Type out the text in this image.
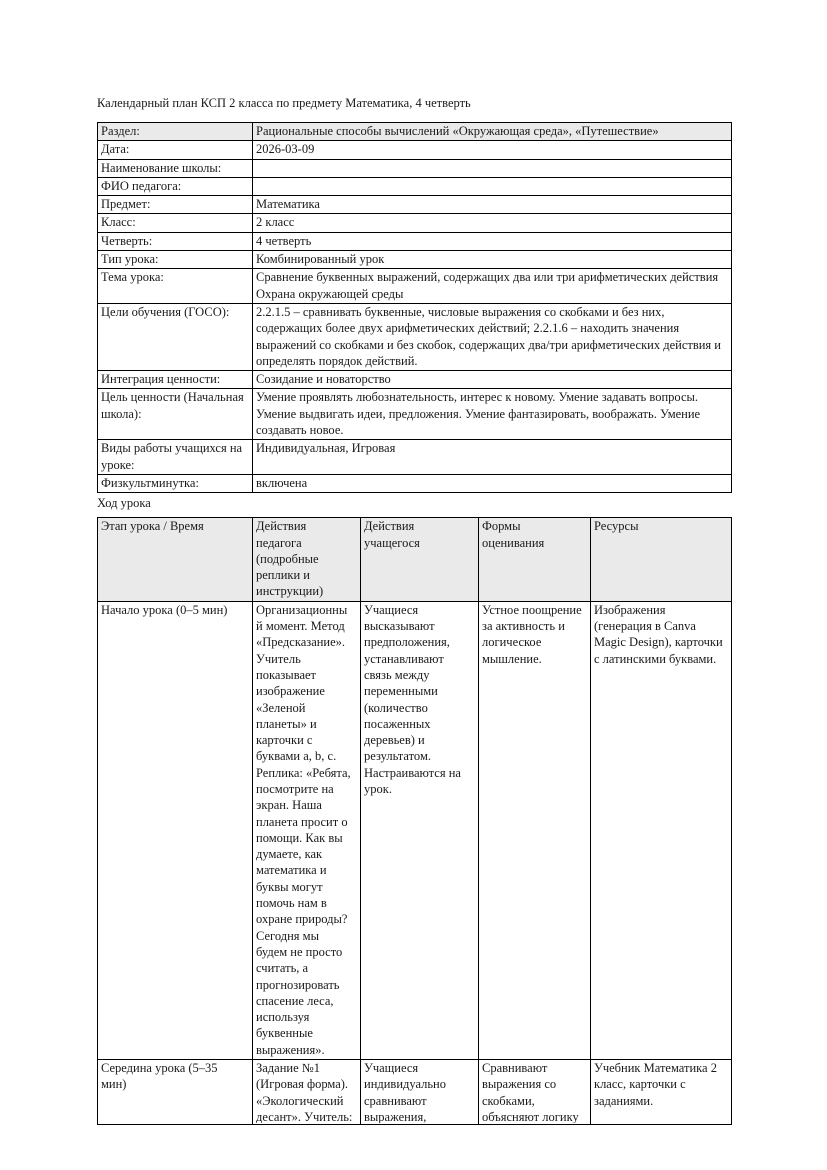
Календарный план КСП 2 класса по предмету Математика, 4 четверть

Раздел:	Рациональные способы вычислений «Окружающая среда», «Путешествие»
Дата:	2026-03-09
Наименование школы:	
ФИО педагога:	
Предмет:	Математика
Класс:	2 класс
Четверть:	4 четверть
Тип урока:	Комбинированный урок
Тема урока:	Сравнение буквенных выражений, содержащих два или три арифметических действия Охрана окружающей среды
Цели обучения (ГОСО):	2.2.1.5 – сравнивать буквенные, числовые выражения со скобками и без них, содержащих более двух арифметических действий; 2.2.1.6 – находить значения выражений со скобками и без скобок, содержащих два/три арифметических действия и определять порядок действий.
Интеграция ценности:	Созидание и новаторство
Цель ценности (Начальная школа):	Умение проявлять любознательность, интерес к новому. Умение задавать вопросы. Умение выдвигать идеи, предложения. Умение фантазировать, воображать. Умение создавать новое.
Виды работы учащихся на уроке:	Индивидуальная, Игровая
Физкультминутка:	включена

Ход урока

Этап урока / Время	Действия педагога (подробные реплики и инструкции)	Действия учащегося	Формы оценивания	Ресурсы
Начало урока (0–5 мин)	Организационный момент. Метод «Предсказание». Учитель показывает изображение «Зеленой планеты» и карточки с буквами a, b, c. Реплика: «Ребята, посмотрите на экран. Наша планета просит о помощи. Как вы думаете, как математика и буквы могут помочь нам в охране природы? Сегодня мы будем не просто считать, а прогнозировать спасение леса, используя буквенные выражения».	Учащиеся высказывают предположения, устанавливают связь между переменными (количество посаженных деревьев) и результатом. Настраиваются на урок.	Устное поощрение за активность и логическое мышление.	Изображения (генерация в Canva Magic Design), карточки с латинскими буквами.

Середина урока (5–35 мин)	Задание №1 (Игровая форма). «Экологический десант». Учитель:	Учащиеся индивидуально сравнивают выражения,	Сравнивают выражения со скобками, объясняют логику	Учебник Математика 2 класс, карточки с заданиями.
